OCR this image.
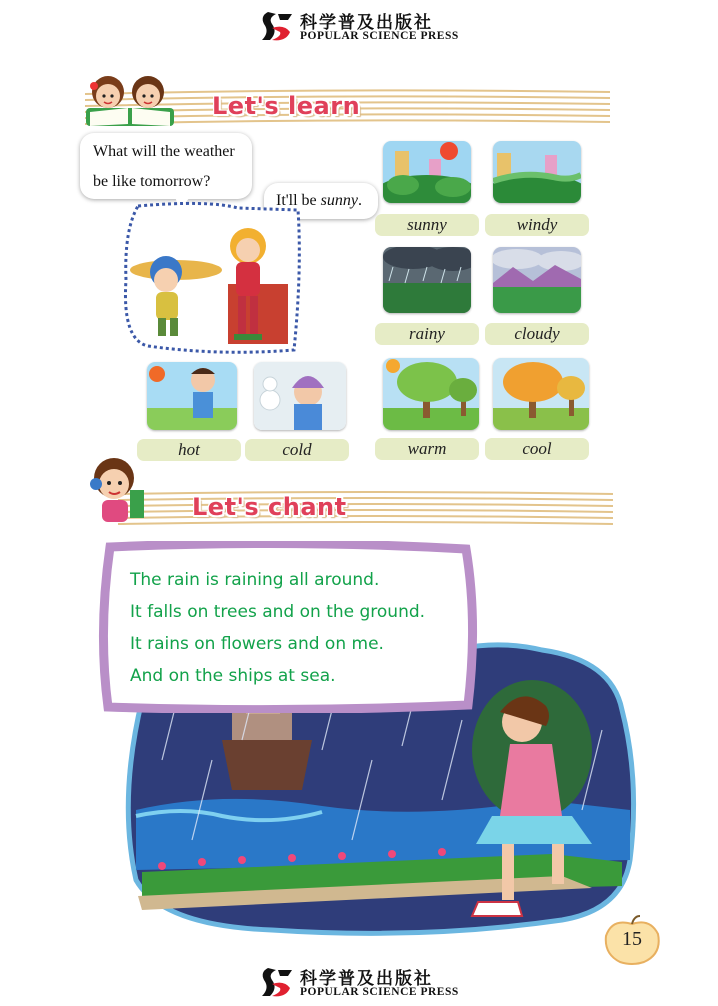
科学普及出版社
POPULAR SCIENCE PRESS
Let's learn
What will the weather
be like tomorrow?
It'll be sunny.
sunny	windy
rainy	cloudy
warm	cool
hot	cold
Let's chant
The rain is raining all around.
It falls on trees and on the ground.
It rains on flowers and on me.
And on the ships at sea.
15
科学普及出版社
POPULAR SCIENCE PRESS
